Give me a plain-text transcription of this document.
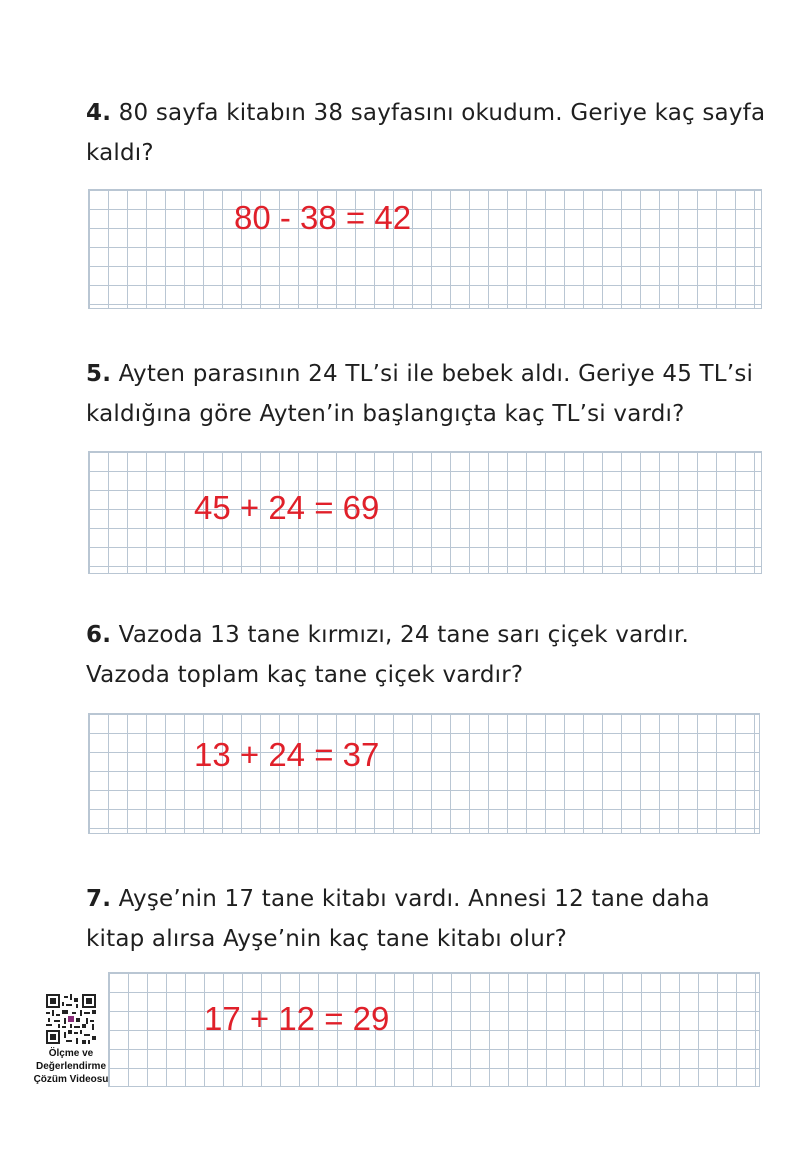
4. 80 sayfa kitabın 38 sayfasını okudum. Geriye kaç sayfa kaldı?

80 - 38 = 42

5. Ayten parasının 24 TL’si ile bebek aldı. Geriye 45 TL’si kaldığına göre Ayten’in başlangıçta kaç TL’si vardı?

45 + 24 = 69

6. Vazoda 13 tane kırmızı, 24 tane sarı çiçek vardır. Vazoda toplam kaç tane çiçek vardır?

13 + 24 = 37

7. Ayşe’nin 17 tane kitabı vardı. Annesi 12 tane daha kitap alırsa Ayşe’nin kaç tane kitabı olur?

17 + 12 = 29
Ölçme ve
Değerlendirme
Çözüm Videosu
